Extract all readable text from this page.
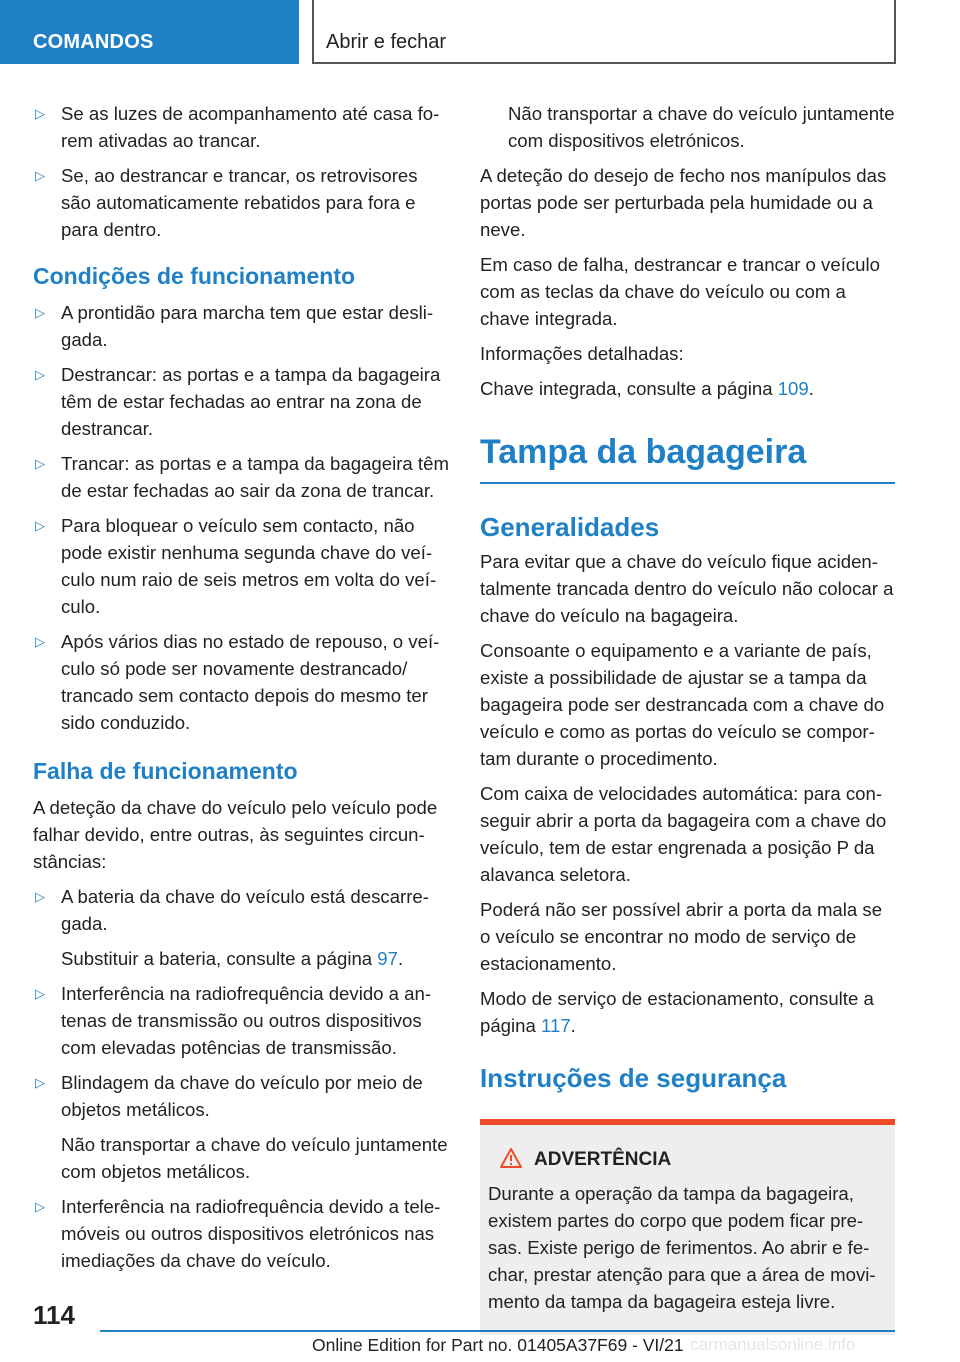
COMANDOS	Abrir e fechar
▷ Se as luzes de acompanhamento até casa forem ativadas ao trancar.
▷ Se, ao destrancar e trancar, os retrovisores são automaticamente rebatidos para fora e para dentro.
Condições de funcionamento
▷ A prontidão para marcha tem que estar desligada.
▷ Destrancar: as portas e a tampa da bagageira têm de estar fechadas ao entrar na zona de destrancar.
▷ Trancar: as portas e a tampa da bagageira têm de estar fechadas ao sair da zona de trancar.
▷ Para bloquear o veículo sem contacto, não pode existir nenhuma segunda chave do veículo num raio de seis metros em volta do veículo.
▷ Após vários dias no estado de repouso, o veículo só pode ser novamente destrancado/​trancado sem contacto depois do mesmo ter sido conduzido.
Falha de funcionamento
A deteção da chave do veículo pelo veículo pode falhar devido, entre outras, às seguintes circunstâncias:
▷ A bateria da chave do veículo está descarregada.
Substituir a bateria, consulte a página 97.
▷ Interferência na radiofrequência devido a antenas de transmissão ou outros dispositivos com elevadas potências de transmissão.
▷ Blindagem da chave do veículo por meio de objetos metálicos.
Não transportar a chave do veículo juntamente com objetos metálicos.
▷ Interferência na radiofrequência devido a telemóveis ou outros dispositivos eletrónicos nas imediações da chave do veículo.
Não transportar a chave do veículo juntamente com dispositivos eletrónicos.
A deteção do desejo de fecho nos manípulos das portas pode ser perturbada pela humidade ou a neve.
Em caso de falha, destrancar e trancar o veículo com as teclas da chave do veículo ou com a chave integrada.
Informações detalhadas:
Chave integrada, consulte a página 109.
Tampa da bagageira
Generalidades
Para evitar que a chave do veículo fique acidentalmente trancada dentro do veículo não colocar a chave do veículo na bagageira.
Consoante o equipamento e a variante de país, existe a possibilidade de ajustar se a tampa da bagageira pode ser destrancada com a chave do veículo e como as portas do veículo se comportam durante o procedimento.
Com caixa de velocidades automática: para conseguir abrir a porta da bagageira com a chave do veículo, tem de estar engrenada a posição P da alavanca seletora.
Poderá não ser possível abrir a porta da mala se o veículo se encontrar no modo de serviço de estacionamento.
Modo de serviço de estacionamento, consulte a página 117.
Instruções de segurança
ADVERTÊNCIA
Durante a operação da tampa da bagageira, existem partes do corpo que podem ficar presas. Existe perigo de ferimentos. Ao abrir e fechar, prestar atenção para que a área de movimento da tampa da bagageira esteja livre.
114
Online Edition for Part no. 01405A37F69 - VI/21 carmanualsonline.info
